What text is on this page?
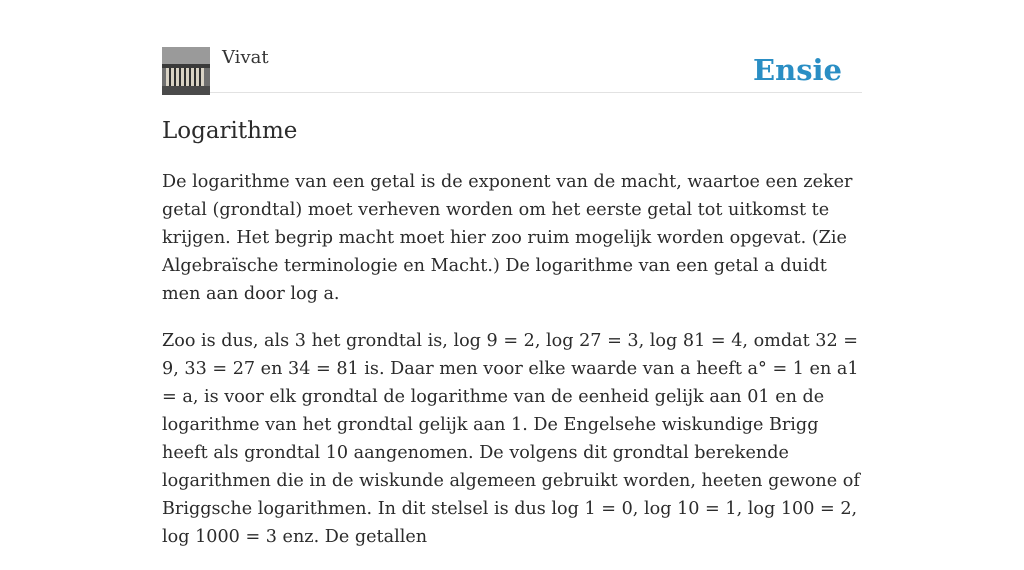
Vivat	Ensie
Logarithme

De logarithme van een getal is de exponent van de macht, waartoe een zeker getal (grondtal) moet verheven worden om het eerste getal tot uitkomst te krijgen. Het begrip macht moet hier zoo ruim mogelijk worden opgevat. (Zie Algebraïsche terminologie en Macht.) De logarithme van een getal a duidt men aan door log a.

Zoo is dus, als 3 het grondtal is, log 9 = 2, log 27 = 3, log 81 = 4, omdat 32 = 9, 33 = 27 en 34 = 81 is. Daar men voor elke waarde van a heeft a° = 1 en a1 = a, is voor elk grondtal de logarithme van de eenheid gelijk aan 01 en de logarithme van het grondtal gelijk aan 1. De Engelsehe wiskundige Brigg heeft als grondtal 10 aangenomen. De volgens dit grondtal berekende logarithmen die in de wiskunde algemeen gebruikt worden, heeten gewone of Briggsche logarithmen. In dit stelsel is dus log 1 = 0, log 10 = 1, log 100 = 2, log 1000 = 3 enz. De getallen
